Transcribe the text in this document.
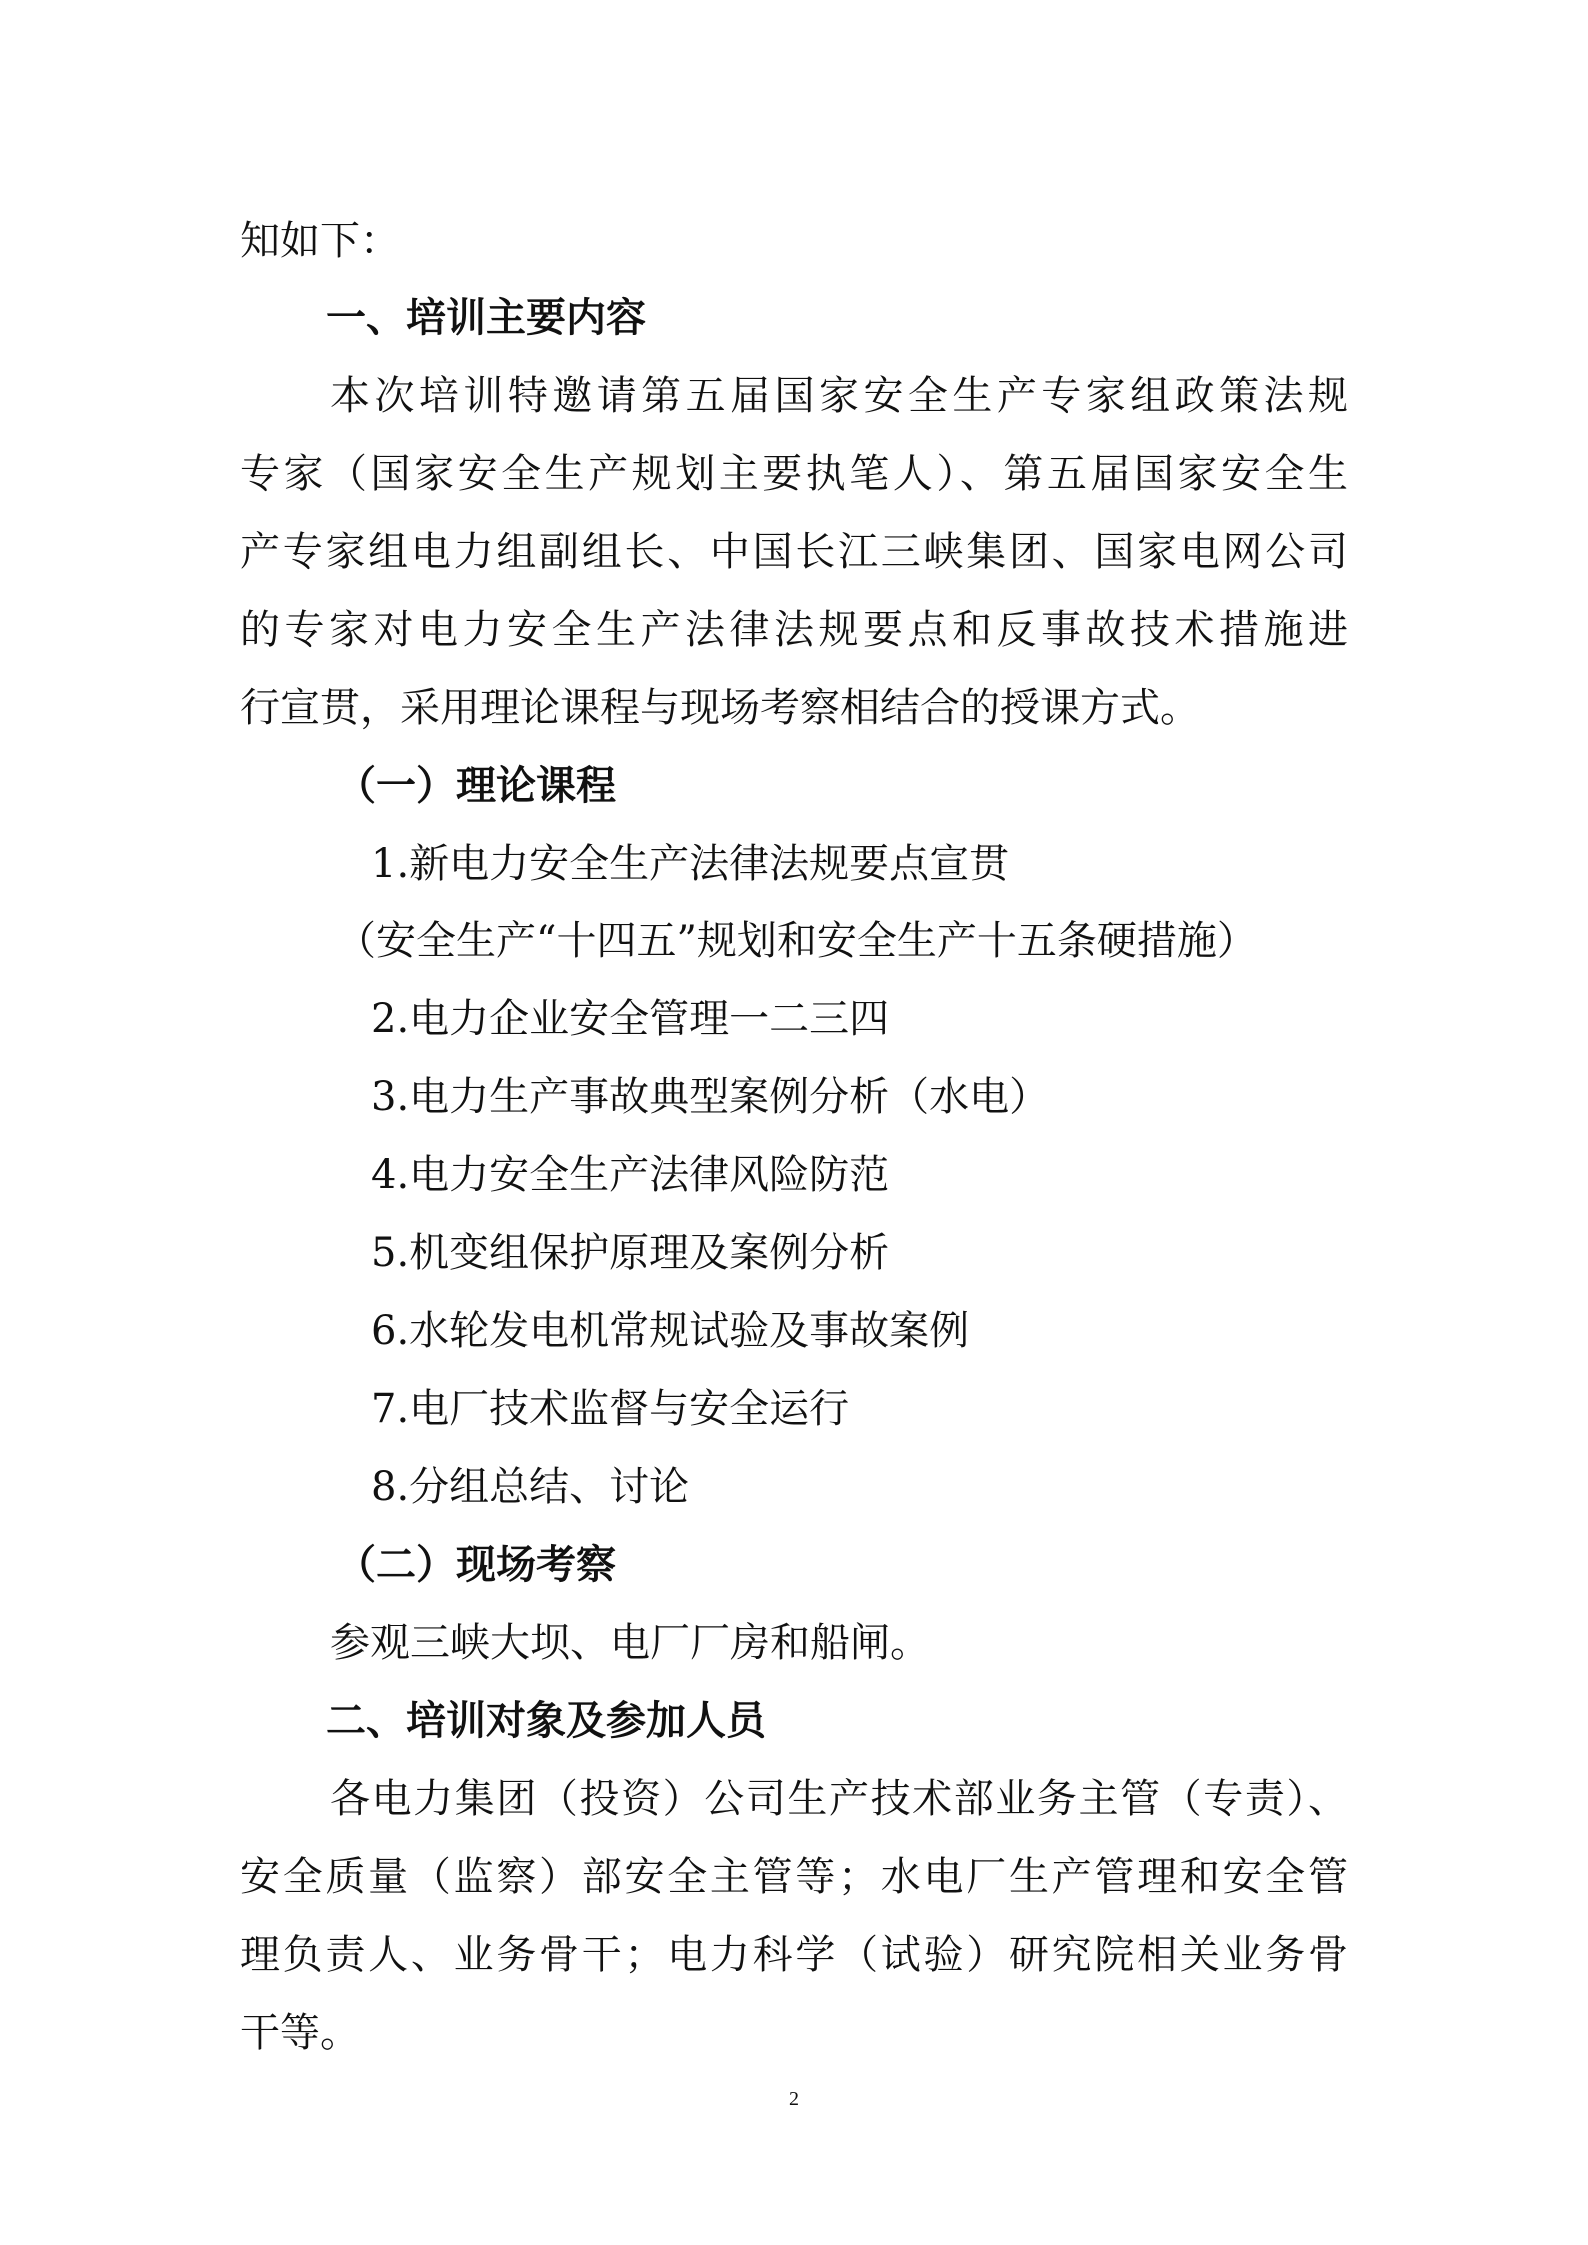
知如下：
一、培训主要内容
本次培训特邀请第五届国家安全生产专家组政策法规
专家（国家安全生产规划主要执笔人）、第五届国家安全生
产专家组电力组副组长、中国长江三峡集团、国家电网公司
的专家对电力安全生产法律法规要点和反事故技术措施进
行宣贯，采用理论课程与现场考察相结合的授课方式。
（一）理论课程
1.新电力安全生产法律法规要点宣贯
（安全生产“十四五”规划和安全生产十五条硬措施）
2.电力企业安全管理一二三四
3.电力生产事故典型案例分析（水电）
4.电力安全生产法律风险防范
5.机变组保护原理及案例分析
6.水轮发电机常规试验及事故案例
7.电厂技术监督与安全运行
8.分组总结、讨论
（二）现场考察
参观三峡大坝、电厂厂房和船闸。
二、培训对象及参加人员
各电力集团（投资）公司生产技术部业务主管（专责）、
安全质量（监察）部安全主管等；水电厂生产管理和安全管
理负责人、业务骨干；电力科学（试验）研究院相关业务骨
干等。
2
